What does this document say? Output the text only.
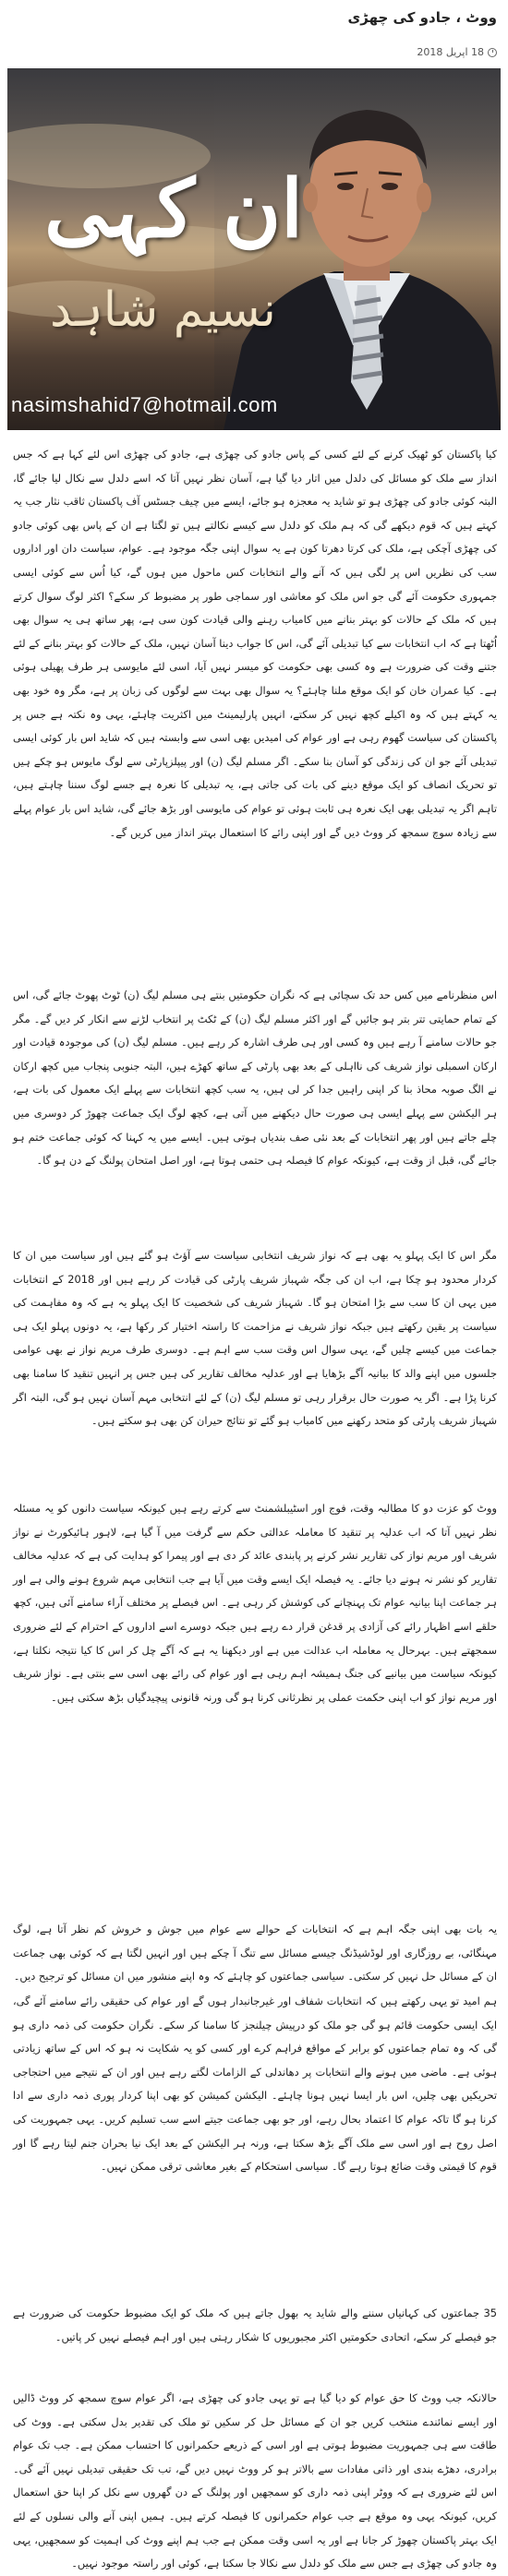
ووٹ ، جادو کی چھڑی
18 اپریل 2018
ان کہی
نسیم شاہد
nasimshahid7@hotmail.com

کیا پاکستان کو ٹھیک کرنے کے لئے کسی کے پاس جادو کی چھڑی ہے، جادو کی چھڑی اس لئے کہا ہے کہ جس انداز سے ملک کو مسائل کی دلدل میں اتار دیا گیا ہے، آسان نظر نہیں آتا کہ اسے دلدل سے نکال لیا جائے گا، البتہ کوئی جادو کی چھڑی ہو تو شاید یہ معجزہ ہو جائے، ایسے میں چیف جسٹس آف پاکستان ثاقب نثار جب یہ کہتے ہیں کہ قوم دیکھے گی کہ ہم ملک کو دلدل سے کیسے نکالتے ہیں تو لگتا ہے ان کے پاس بھی کوئی جادو کی چھڑی آچکی ہے، ملک کی کرتا دھرتا کون ہے یہ سوال اپنی جگہ موجود ہے۔ عوام، سیاست دان اور اداروں سب کی نظریں اس پر لگی ہیں کہ آنے والے انتخابات کس ماحول میں ہوں گے، کیا اُس سے کوئی ایسی جمہوری حکومت آئے گی جو اس ملک کو معاشی اور سماجی طور پر مضبوط کر سکے؟ اکثر لوگ سوال کرتے ہیں کہ ملک کے حالات کو بہتر بنانے میں کامیاب رہنے والی قیادت کون سی ہے، پھر ساتھ ہی یہ سوال بھی اُٹھتا ہے کہ اب انتخابات سے کیا تبدیلی آئے گی، اس کا جواب دینا آسان نہیں، ملک کے حالات کو بہتر بنانے کے لئے جتنے وقت کی ضرورت ہے وہ کسی بھی حکومت کو میسر نہیں آیا، اسی لئے مایوسی ہر طرف پھیلی ہوئی ہے۔ کیا عمران خان کو ایک موقع ملنا چاہئے؟ یہ سوال بھی بہت سے لوگوں کی زبان پر ہے، مگر وہ خود بھی یہ کہتے ہیں کہ وہ اکیلے کچھ نہیں کر سکتے، انہیں پارلیمینٹ میں اکثریت چاہئے، یہی وہ نکتہ ہے جس پر پاکستان کی سیاست گھوم رہی ہے اور عوام کی امیدیں بھی اسی سے وابستہ ہیں کہ شاید اس بار کوئی ایسی تبدیلی آئے جو ان کی زندگی کو آسان بنا سکے۔ اگر مسلم لیگ (ن) اور پیپلزپارٹی سے لوگ مایوس ہو چکے ہیں تو تحریک انصاف کو ایک موقع دینے کی بات کی جاتی ہے، یہ تبدیلی کا نعرہ ہے جسے لوگ سننا چاہتے ہیں، تاہم اگر یہ تبدیلی بھی ایک نعرہ ہی ثابت ہوئی تو عوام کی مایوسی اور بڑھ جائے گی، شاید اس بار عوام پہلے سے زیادہ سوچ سمجھ کر ووٹ دیں گے اور اپنی رائے کا استعمال بہتر انداز میں کریں گے۔

اس منظرنامے میں کس حد تک سچائی ہے کہ نگران حکومتیں بنتے ہی مسلم لیگ (ن) ٹوٹ پھوٹ جائے گی، اس کے تمام حمایتی تتر بتر ہو جائیں گے اور اکثر مسلم لیگ (ن) کے ٹکٹ پر انتخاب لڑنے سے انکار کر دیں گے۔ مگر جو حالات سامنے آ رہے ہیں وہ کسی اور ہی طرف اشارہ کر رہے ہیں۔ مسلم لیگ (ن) کی موجودہ قیادت اور ارکان اسمبلی نواز شریف کی نااہلی کے بعد بھی پارٹی کے ساتھ کھڑے ہیں، البتہ جنوبی پنجاب میں کچھ ارکان نے الگ صوبہ محاذ بنا کر اپنی راہیں جدا کر لی ہیں، یہ سب کچھ انتخابات سے پہلے ایک معمول کی بات ہے، ہر الیکشن سے پہلے ایسی ہی صورت حال دیکھنے میں آتی ہے، کچھ لوگ ایک جماعت چھوڑ کر دوسری میں چلے جاتے ہیں اور پھر انتخابات کے بعد نئی صف بندیاں ہوتی ہیں۔ ایسے میں یہ کہنا کہ کوئی جماعت ختم ہو جائے گی، قبل از وقت ہے، کیونکہ عوام کا فیصلہ ہی حتمی ہوتا ہے، اور اصل امتحان پولنگ کے دن ہو گا۔

مگر اس کا ایک پہلو یہ بھی ہے کہ نواز شریف انتخابی سیاست سے آؤٹ ہو گئے ہیں اور سیاست میں ان کا کردار محدود ہو چکا ہے، اب ان کی جگہ شہباز شریف پارٹی کی قیادت کر رہے ہیں اور 2018 کے انتخابات میں یہی ان کا سب سے بڑا امتحان ہو گا۔ شہباز شریف کی شخصیت کا ایک پہلو یہ ہے کہ وہ مفاہمت کی سیاست پر یقین رکھتے ہیں جبکہ نواز شریف نے مزاحمت کا راستہ اختیار کر رکھا ہے، یہ دونوں پہلو ایک ہی جماعت میں کیسے چلیں گے، یہی سوال اس وقت سب سے اہم ہے۔ دوسری طرف مریم نواز نے بھی عوامی جلسوں میں اپنے والد کا بیانیہ آگے بڑھایا ہے اور عدلیہ مخالف تقاریر کی ہیں جس پر انہیں تنقید کا سامنا بھی کرنا پڑا ہے۔ اگر یہ صورت حال برقرار رہی تو مسلم لیگ (ن) کے لئے انتخابی مہم آسان نہیں ہو گی، البتہ اگر شہباز شریف پارٹی کو متحد رکھنے میں کامیاب ہو گئے تو نتائج حیران کن بھی ہو سکتے ہیں۔

ووٹ کو عزت دو کا مطالبہ وقت، فوج اور اسٹیبلشمنٹ سے کرتے رہے ہیں کیونکہ سیاست دانوں کو یہ مسئلہ نظر نہیں آتا کہ اب عدلیہ پر تنقید کا معاملہ عدالتی حکم سے گرفت میں آ گیا ہے، لاہور ہائیکورٹ نے نواز شریف اور مریم نواز کی تقاریر نشر کرنے پر پابندی عائد کر دی ہے اور پیمرا کو ہدایت کی ہے کہ عدلیہ مخالف تقاریر کو نشر نہ ہونے دیا جائے۔ یہ فیصلہ ایک ایسے وقت میں آیا ہے جب انتخابی مہم شروع ہونے والی ہے اور ہر جماعت اپنا بیانیہ عوام تک پہنچانے کی کوشش کر رہی ہے۔ اس فیصلے پر مختلف آراء سامنے آئی ہیں، کچھ حلقے اسے اظہار رائے کی آزادی پر قدغن قرار دے رہے ہیں جبکہ دوسرے اسے اداروں کے احترام کے لئے ضروری سمجھتے ہیں۔ بہرحال یہ معاملہ اب عدالت میں ہے اور دیکھنا یہ ہے کہ آگے چل کر اس کا کیا نتیجہ نکلتا ہے، کیونکہ سیاست میں بیانیے کی جنگ ہمیشہ اہم رہی ہے اور عوام کی رائے بھی اسی سے بنتی ہے۔ نواز شریف اور مریم نواز کو اب اپنی حکمت عملی پر نظرثانی کرنا ہو گی ورنہ قانونی پیچیدگیاں بڑھ سکتی ہیں۔

یہ بات بھی اپنی جگہ اہم ہے کہ انتخابات کے حوالے سے عوام میں جوش و خروش کم نظر آتا ہے، لوگ مہنگائی، بے روزگاری اور لوڈشیڈنگ جیسے مسائل سے تنگ آ چکے ہیں اور انہیں لگتا ہے کہ کوئی بھی جماعت ان کے مسائل حل نہیں کر سکتی۔ سیاسی جماعتوں کو چاہئے کہ وہ اپنے منشور میں ان مسائل کو ترجیح دیں۔

ہم امید تو یہی رکھتے ہیں کہ انتخابات شفاف اور غیرجانبدار ہوں گے اور عوام کی حقیقی رائے سامنے آئے گی، ایک ایسی حکومت قائم ہو گی جو ملک کو درپیش چیلنجز کا سامنا کر سکے۔ نگران حکومت کی ذمہ داری ہو گی کہ وہ تمام جماعتوں کو برابر کے مواقع فراہم کرے اور کسی کو یہ شکایت نہ ہو کہ اس کے ساتھ زیادتی ہوئی ہے۔ ماضی میں ہونے والے انتخابات پر دھاندلی کے الزامات لگتے رہے ہیں اور ان کے نتیجے میں احتجاجی تحریکیں بھی چلیں، اس بار ایسا نہیں ہونا چاہئے۔ الیکشن کمیشن کو بھی اپنا کردار پوری ذمہ داری سے ادا کرنا ہو گا تاکہ عوام کا اعتماد بحال رہے، اور جو بھی جماعت جیتے اسے سب تسلیم کریں۔ یہی جمہوریت کی اصل روح ہے اور اسی سے ملک آگے بڑھ سکتا ہے، ورنہ ہر الیکشن کے بعد ایک نیا بحران جنم لیتا رہے گا اور قوم کا قیمتی وقت ضائع ہوتا رہے گا۔ سیاسی استحکام کے بغیر معاشی ترقی ممکن نہیں۔

35 جماعتوں کی کہانیاں سننے والے شاید یہ بھول جاتے ہیں کہ ملک کو ایک مضبوط حکومت کی ضرورت ہے جو فیصلے کر سکے، اتحادی حکومتیں اکثر مجبوریوں کا شکار رہتی ہیں اور اہم فیصلے نہیں کر پاتیں۔

حالانکہ جب ووٹ کا حق عوام کو دیا گیا ہے تو یہی جادو کی چھڑی ہے، اگر عوام سوچ سمجھ کر ووٹ ڈالیں اور ایسے نمائندے منتخب کریں جو ان کے مسائل حل کر سکیں تو ملک کی تقدیر بدل سکتی ہے۔ ووٹ کی طاقت سے ہی جمہوریت مضبوط ہوتی ہے اور اسی کے ذریعے حکمرانوں کا احتساب ممکن ہے۔ جب تک عوام برادری، دھڑے بندی اور ذاتی مفادات سے بالاتر ہو کر ووٹ نہیں دیں گے، تب تک حقیقی تبدیلی نہیں آئے گی۔ اس لئے ضروری ہے کہ ووٹر اپنی ذمہ داری کو سمجھیں اور پولنگ کے دن گھروں سے نکل کر اپنا حق استعمال کریں، کیونکہ یہی وہ موقع ہے جب عوام حکمرانوں کا فیصلہ کرتے ہیں۔ ہمیں اپنی آنے والی نسلوں کے لئے ایک بہتر پاکستان چھوڑ کر جانا ہے اور یہ اسی وقت ممکن ہے جب ہم اپنے ووٹ کی اہمیت کو سمجھیں، یہی وہ جادو کی چھڑی ہے جس سے ملک کو دلدل سے نکالا جا سکتا ہے، کوئی اور راستہ موجود نہیں۔
